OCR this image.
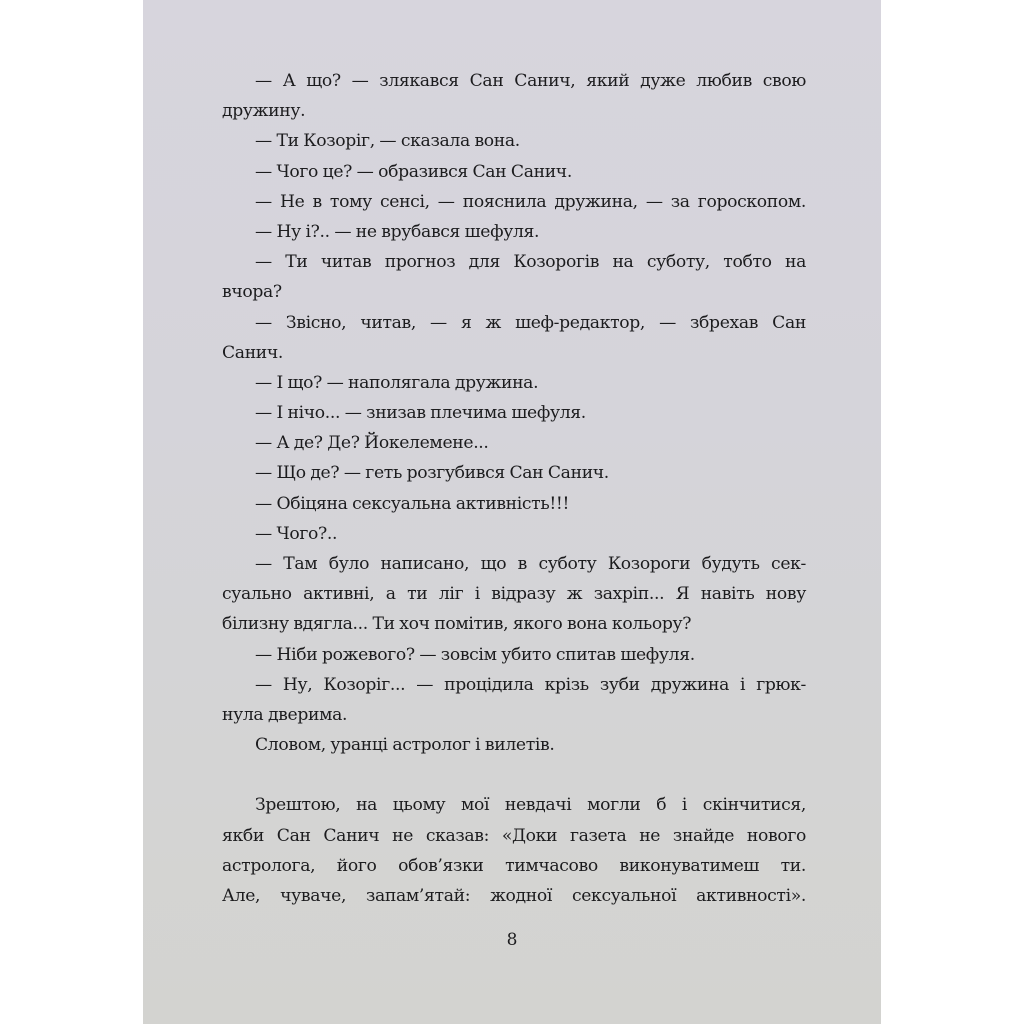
— А що? — злякався Сан Санич, який дуже любив свою
дружину.
— Ти Козоріг, — сказала вона.
— Чого це? — образився Сан Санич.
— Не в тому сенсі, — пояснила дружина, — за гороскопом.
— Ну і?.. — не врубався шефуля.
— Ти читав прогноз для Козорогів на суботу, тобто на
вчора?
— Звісно, читав, — я ж шеф-редактор, — збрехав Сан
Санич.
— І що? — наполягала дружина.
— І нічо... — знизав плечима шефуля.
— А де? Де? Йокелемене...
— Що де? — геть розгубився Сан Санич.
— Обіцяна сексуальна активність!!!
— Чого?..
— Там було написано, що в суботу Козороги будуть сек-
суально активні, а ти ліг і відразу ж захріп... Я навіть нову
білизну вдягла... Ти хоч помітив, якого вона кольору?
— Ніби рожевого? — зовсім убито спитав шефуля.
— Ну, Козоріг... — процідила крізь зуби дружина і грюк-
нула дверима.
Словом, уранці астролог і вилетів.
Зрештою, на цьому мої невдачі могли б і скінчитися,
якби Сан Санич не сказав: «Доки газета не знайде нового
астролога, його обов’язки тимчасово виконуватимеш ти.
Але, чуваче, запам’ятай: жодної сексуальної активності».
8
